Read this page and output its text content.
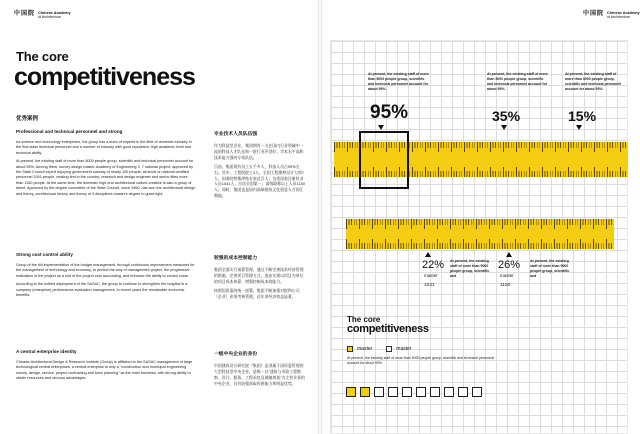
中国院 Chinese Academy
of Architecture
中国院 Chinese Academy
of Architecture
The core
competitiveness
优秀案例
Professional and technical personnel and strong

As science and technology enterprises, the group has a team of experts in the field of domestic industry in the first-class technical personnel and a number of industry with good reputation, high academic level and technical ability.

At present, the existing staff of more than 5000 people group, scientific and technical personnel account for about 95%. Among them, survey design master Academy of Engineering 3, 7 national project, approved by the State Council expert enjoying government subsidy of nearly 100 people; all kinds of national certified personnel 1041 people, ranking first in the country; research and design engineer and senior titles more than 1150 people. At the same time, the domestic high-end architectural culture-creative is also a group of talent. Approved by the degree committee of the State Council, since 1960, has won the architectural design and theory, architectural history and theory of 3 disciplines master's degree to grant right.

Strong cost control ability

Group of the full implementation of the budget management, through continuous improvement measures for the management of technology and economy, to perfect the way of management project, the progressive realization of the project as a unit of the project cost accounting, and enhance the ability to control costs.

According to the unified deployment of the SASAC, the group to continue to strengthen the hospital is a company (enterprise) performance evaluation management, in recent years the remarkable economic benefits.

A central enterprise identity

Chinese Architectural Design & Research Institute (Group) is affiliated to the SASAC management of large technological central enterprises, a central enterprise is only a "construction and municipal engineering survey, design, service, project contracting and town planning" as the main business, with strong ability to obtain resources and obvious advantages.

专业技术人员队伍强

作为科技型企业，集团拥有一支在国内行业领域中一流的科技人才队伍和一批行业声誉好、学术水平高和技术能力强的专家队伍。

目前，集团现有员工五千多人，科技人员占95%左右。其中，工程院院士3人，全国工程勘察设计大师7人，国务院特殊津贴专家近百人；各类国家注册执业人员1041人，位居全国第一；高级职称以上人员1150人。同时，集团也是国内高端建筑文化创意人才的汇聚地。

较强的成本控制能力

集团全面实行预算管理，通过不断完善技术经济管理的措施，完善项目管理方式，逐步实现以项目为单位的项目成本核算，增强控制成本的能力。

按照国资委的统一部署，集团不断加强对院和公司（企业）业绩考核管理，近年来经济效益显著。

一级中央企业的身份

中国建筑设计研究院（集团）是隶属于国资委管理的大型科技型中央企业，是唯一以"建筑与市政工程勘察、设计、服务、工程承包及城镇规划"为主营业务的中央企业，具有较强获取资源能力和明显优势。

At present, the existing staff of more than 5000 people group, scientific and technical personnel account for about 95%.
At present, the existing staff of more than 5000 people group, scientific and technical personnel account for about 95%.
At present, the existing staff of more than 5000 people group, scientific and technical personnel account for about 95%.
95%	35%	15%
22%
master
1041
At present, the existing staff of more than 5000 people group, scientific and
26%
master
1150
At present, the existing staff of more than 5000 people group, scientific and
The core
competitiveness
master	master
At present, the existing staff of more than 5000 people group, scientific and technical personnel account for about 95%.
